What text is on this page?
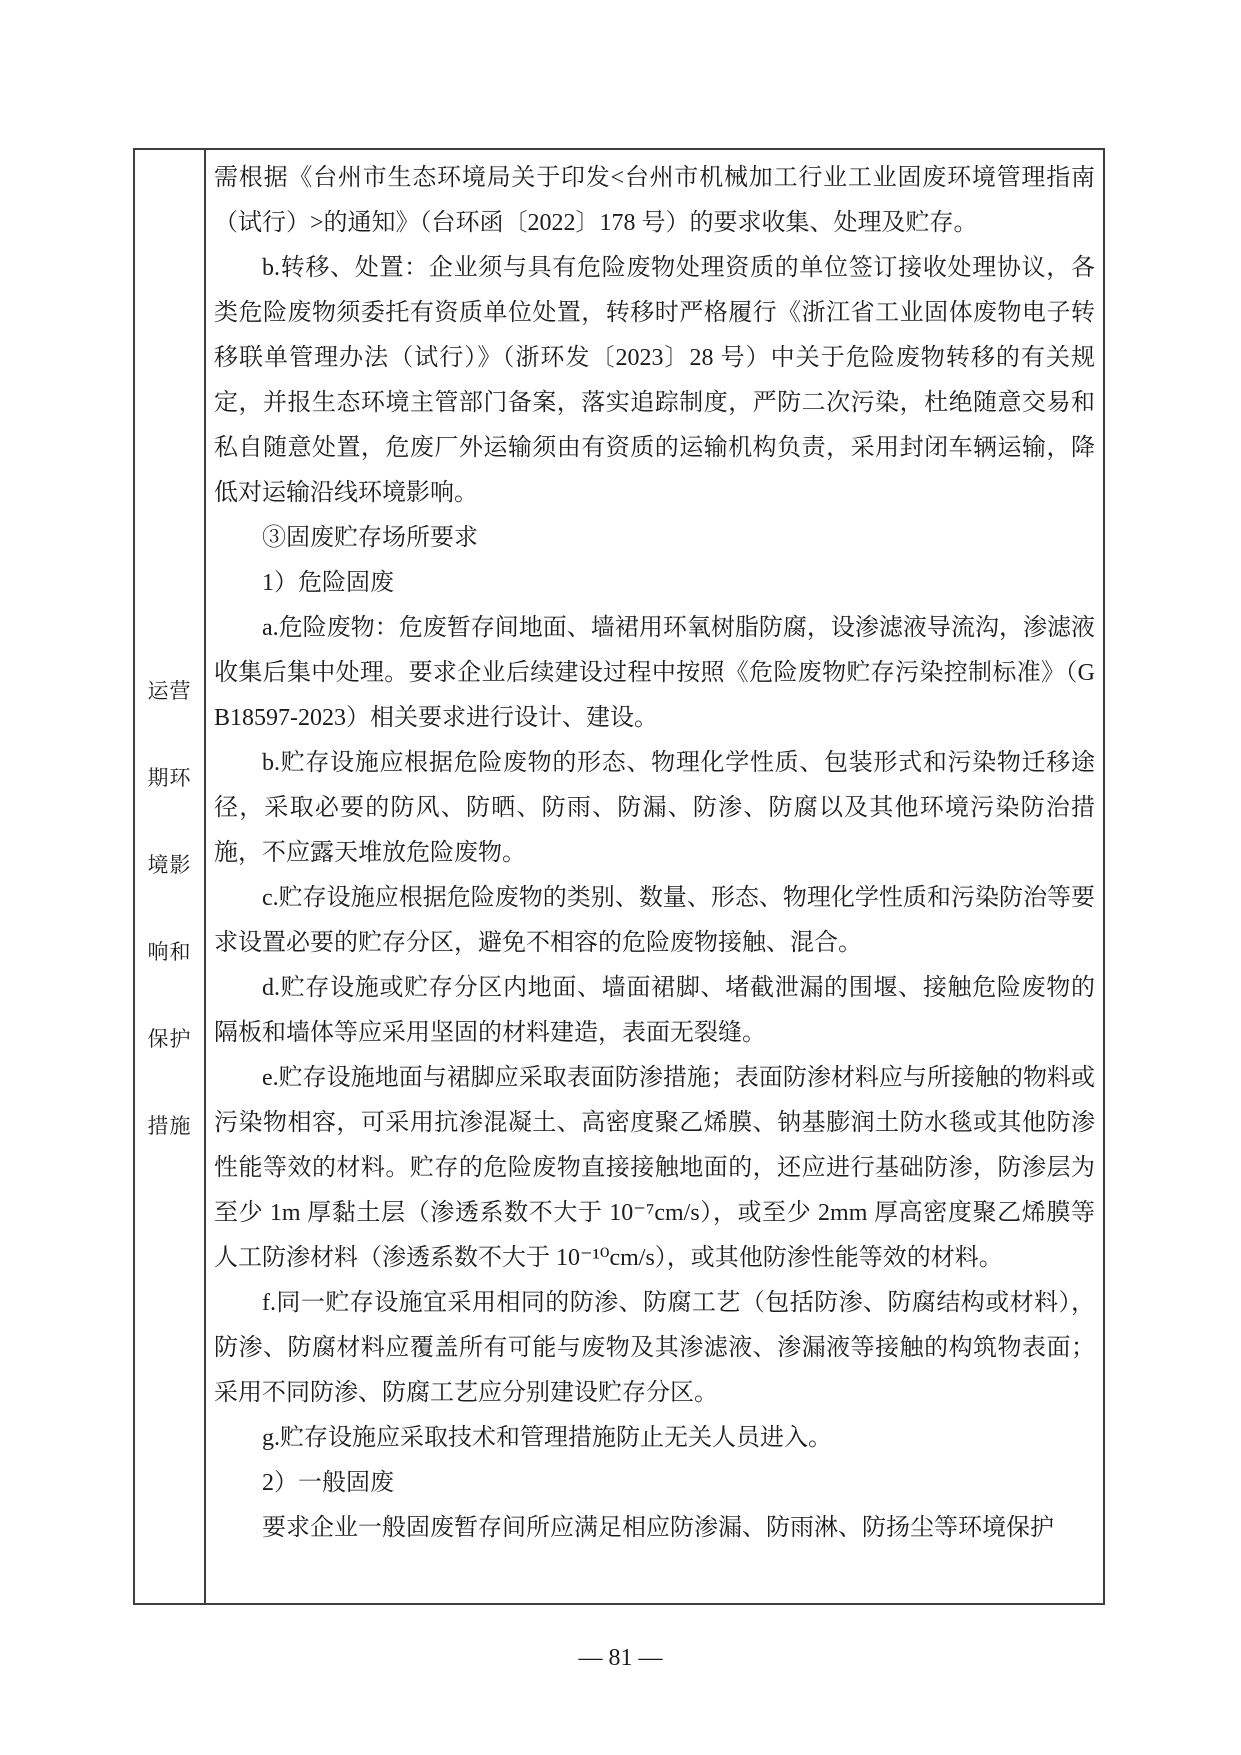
运营

期环

境影

响和

保护

措施

需根据《台州市生态环境局关于印发<台州市机械加工行业工业固废环境管理指南（试行）>的通知》（台环函〔2022〕178 号）的要求收集、处理及贮存。

b.转移、处置：企业须与具有危险废物处理资质的单位签订接收处理协议，各类危险废物须委托有资质单位处置，转移时严格履行《浙江省工业固体废物电子转移联单管理办法（试行）》（浙环发〔2023〕28 号）中关于危险废物转移的有关规定，并报生态环境主管部门备案，落实追踪制度，严防二次污染，杜绝随意交易和私自随意处置，危废厂外运输须由有资质的运输机构负责，采用封闭车辆运输，降低对运输沿线环境影响。

③固废贮存场所要求

1）危险固废

a.危险废物：危废暂存间地面、墙裙用环氧树脂防腐，设渗滤液导流沟，渗滤液收集后集中处理。要求企业后续建设过程中按照《危险废物贮存污染控制标准》（GB18597-2023）相关要求进行设计、建设。

b.贮存设施应根据危险废物的形态、物理化学性质、包装形式和污染物迁移途径，采取必要的防风、防晒、防雨、防漏、防渗、防腐以及其他环境污染防治措施，不应露天堆放危险废物。

c.贮存设施应根据危险废物的类别、数量、形态、物理化学性质和污染防治等要求设置必要的贮存分区，避免不相容的危险废物接触、混合。

d.贮存设施或贮存分区内地面、墙面裙脚、堵截泄漏的围堰、接触危险废物的隔板和墙体等应采用坚固的材料建造，表面无裂缝。

e.贮存设施地面与裙脚应采取表面防渗措施；表面防渗材料应与所接触的物料或污染物相容，可采用抗渗混凝土、高密度聚乙烯膜、钠基膨润土防水毯或其他防渗性能等效的材料。贮存的危险废物直接接触地面的，还应进行基础防渗，防渗层为至少 1m 厚黏土层（渗透系数不大于 10⁻⁷cm/s），或至少 2mm 厚高密度聚乙烯膜等人工防渗材料（渗透系数不大于 10⁻¹⁰cm/s），或其他防渗性能等效的材料。

f.同一贮存设施宜采用相同的防渗、防腐工艺（包括防渗、防腐结构或材料），防渗、防腐材料应覆盖所有可能与废物及其渗滤液、渗漏液等接触的构筑物表面；采用不同防渗、防腐工艺应分别建设贮存分区。

g.贮存设施应采取技术和管理措施防止无关人员进入。

2）一般固废

要求企业一般固废暂存间所应满足相应防渗漏、防雨淋、防扬尘等环境保护

— 81 —
